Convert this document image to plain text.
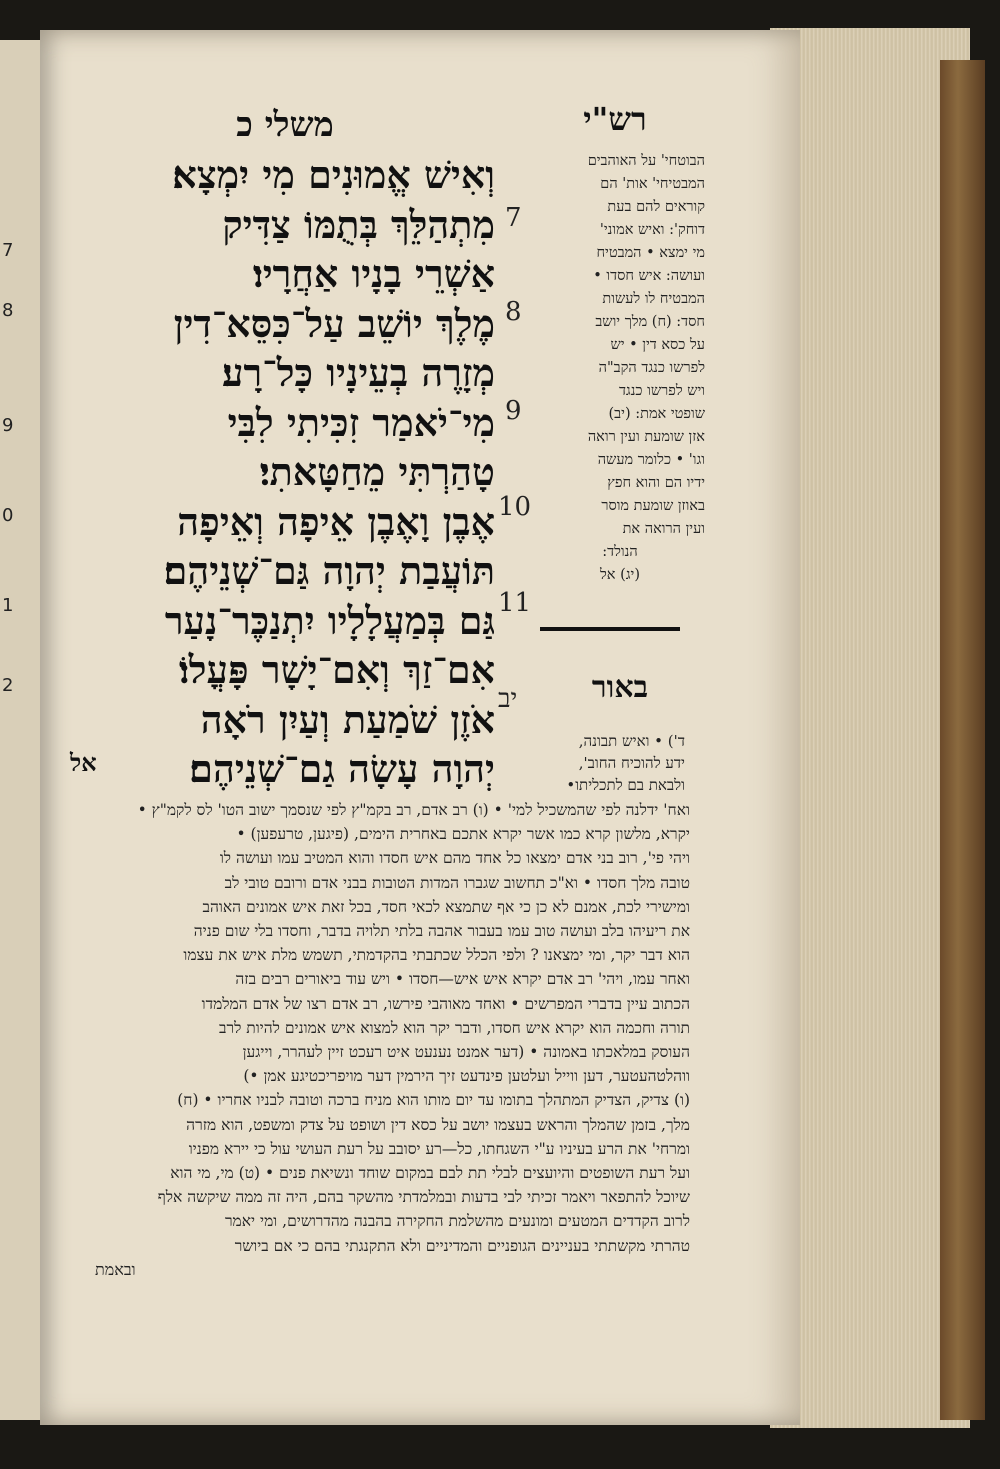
7
8
9
0
1
2
משלי כ	רש"י
וְאִישׁ אֱמוּנִים מִי יִמְצָא׃
מִתְהַלֵּךְ בְּתֻמּוֹ צַדִּיק
אַשְׁרֵי בָנָיו אַחֲרָיו׃
מֶלֶךְ יוֹשֵׁב עַל־כִּסֵּא־דִין
מְזָרֶה בְעֵינָיו כָּל־רָע׃
מִי־יֹאמַר זִכִּיתִי לִבִּי
טָהַרְתִּי מֵחַטָּאתִי׃
אֶבֶן וָאֶבֶן אֵיפָה וְאֵיפָה
תּוֹעֲבַת יְהוָה גַּם־שְׁנֵיהֶם׃
גַּם בְּמַעֲלָלָיו יִתְנַכֶּר־נָעַר
אִם־זַךְ וְאִם־יָשָׁר פָּעֳלוֹ׃
אֹזֶן שֹׁמַעַת וְעַיִן רֹאָה
יְהוָה עָשָׂה גַם־שְׁנֵיהֶם׃
7
8
9
10
11
יב
הבוטחי' על האוהבים
המבטיחי' אות' הם
קוראים להם בעת
דוחק': ואיש אמוני'
מי ימצא • המבטיח
ועושה: איש חסדו •
המבטיח לו לעשות
חסד: (ח) מלך יושב
על כסא דין • יש
לפרשו כנגד הקב"ה
ויש לפרשו כנגד
שופטי אמת: (יב)
אזן שומעת ועין רואה
וגו' • כלומר מעשה
ידיו הם והוא חפץ
באוזן שומעת מוסר
ועין הרואה את
הנולד:
(יג) אל
באור
ד') • ואיש תבונה,
ידע להוכיח החוב',
ולבאת בם לתכליתו•
אל
ואח' ידלנה לפי שהמשכיל למי' • (ו) רב אדם, רב בקמ"ץ לפי שנסמך ישוב הטו' לס לקמ"ץ •
יקרא, מלשון קרא כמו אשר יקרא אתכם באחרית הימים, (פיגען, טרעפען) •
ויהי פי', רוב בני אדם ימצאו כל אחד מהם איש חסדו והוא המטיב עמו ועושה לו
טובה מלך חסדו • וא"כ תחשוב שגברו המדות הטובות בבני אדם ורובם טובי לב
ומישירי לכת, אמנם לא כן כי אף שתמצא לכאי חסד, בכל זאת איש אמונים האוהב
את ריעיהו בלב ועושה טוב עמו בעבור אהבה בלתי תלויה בדבר, וחסדו בלי שום פניה
הוא דבר יקר, ומי ימצאנו ? ולפי הכלל שכתבתי בהקדמתי, תשמש מלת איש את עצמו
ואחר עמו, ויהי' רב אדם יקרא איש איש—חסדו • ויש עוד ביאורים רבים בזה
הכתוב עיין בדברי המפרשים • ואחד מאוהבי פירשו, רב אדם רצו של אדם המלמדו
תורה וחכמה הוא יקרא איש חסדו, ודבר יקר הוא למצוא איש אמונים להיות לרב
העוסק במלאכתו באמונה • (דער אמנט נענעט איט רעכט זיין לעהרר, וייגען
ווהלטהעטער, דען ווייל ועלטען פינדעט זיך הירמין דער מויפריכטיגע אמן •)
(ו) צדיק, הצדיק המתהלך בתומו עד יום מותו הוא מניח ברכה וטובה לבניו אחריו • (ח)
מלך, בזמן שהמלך והראש בעצמו יושב על כסא דין ושופט על צדק ומשפט, הוא מזרה
ומרחי' את הרע בעיניו ע"י השגחתו, כל—רע יסובב על רעת העושי עול כי יירא מפניו
ועל רעת השופטים והיועצים לבלי תת לבם במקום שוחד ונשיאת פנים • (ט) מי, מי הוא
שיוכל להתפאר ויאמר זכיתי לבי בדעות ובמלמדתי מהשקר בהם, היה זה ממה שיקשה אלף
לרוב הקדדים המטעים ומונעים מהשלמת החקירה בהבנה מהדרושים, ומי יאמר
טהרתי מקשתתי בעניינים הגופניים והמדיניים ולא התקנגתי בהם כי אם ביושר
ובאמת
